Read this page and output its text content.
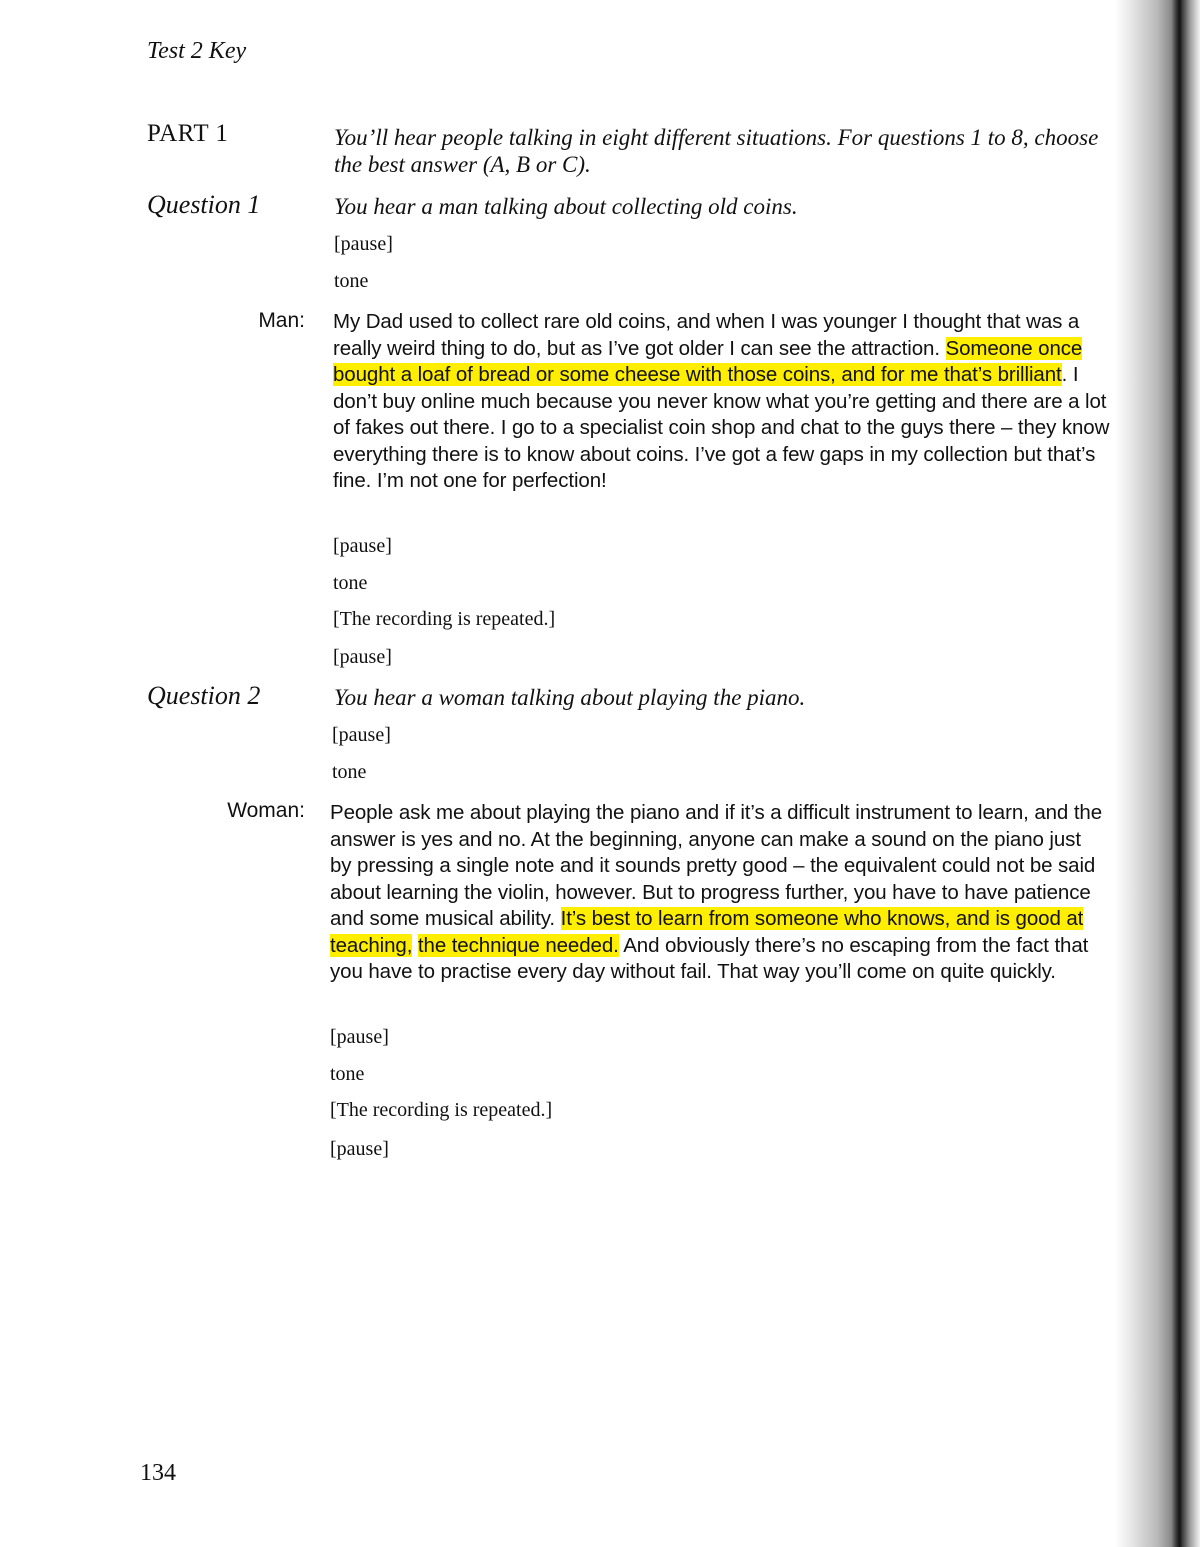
Test 2 Key
PART 1	You’ll hear people talking in eight different situations. For questions 1 to 8, choose the best answer (A, B or C).
Question 1	You hear a man talking about collecting old coins.
[pause]
tone
Man: My Dad used to collect rare old coins, and when I was younger I thought that was a really weird thing to do, but as I’ve got older I can see the attraction. Someone once bought a loaf of bread or some cheese with those coins, and for me that’s brilliant. I don’t buy online much because you never know what you’re getting and there are a lot of fakes out there. I go to a specialist coin shop and chat to the guys there – they know everything there is to know about coins. I’ve got a few gaps in my collection but that’s fine. I’m not one for perfection!
[pause]
tone
[The recording is repeated.]
[pause]
Question 2	You hear a woman talking about playing the piano.
[pause]
tone
Woman: People ask me about playing the piano and if it’s a difficult instrument to learn, and the answer is yes and no. At the beginning, anyone can make a sound on the piano just by pressing a single note and it sounds pretty good – the equivalent could not be said about learning the violin, however. But to progress further, you have to have patience and some musical ability. It’s best to learn from someone who knows, and is good at teaching, the technique needed. And obviously there’s no escaping from the fact that you have to practise every day without fail. That way you’ll come on quite quickly.
[pause]
tone
[The recording is repeated.]
[pause]
134
